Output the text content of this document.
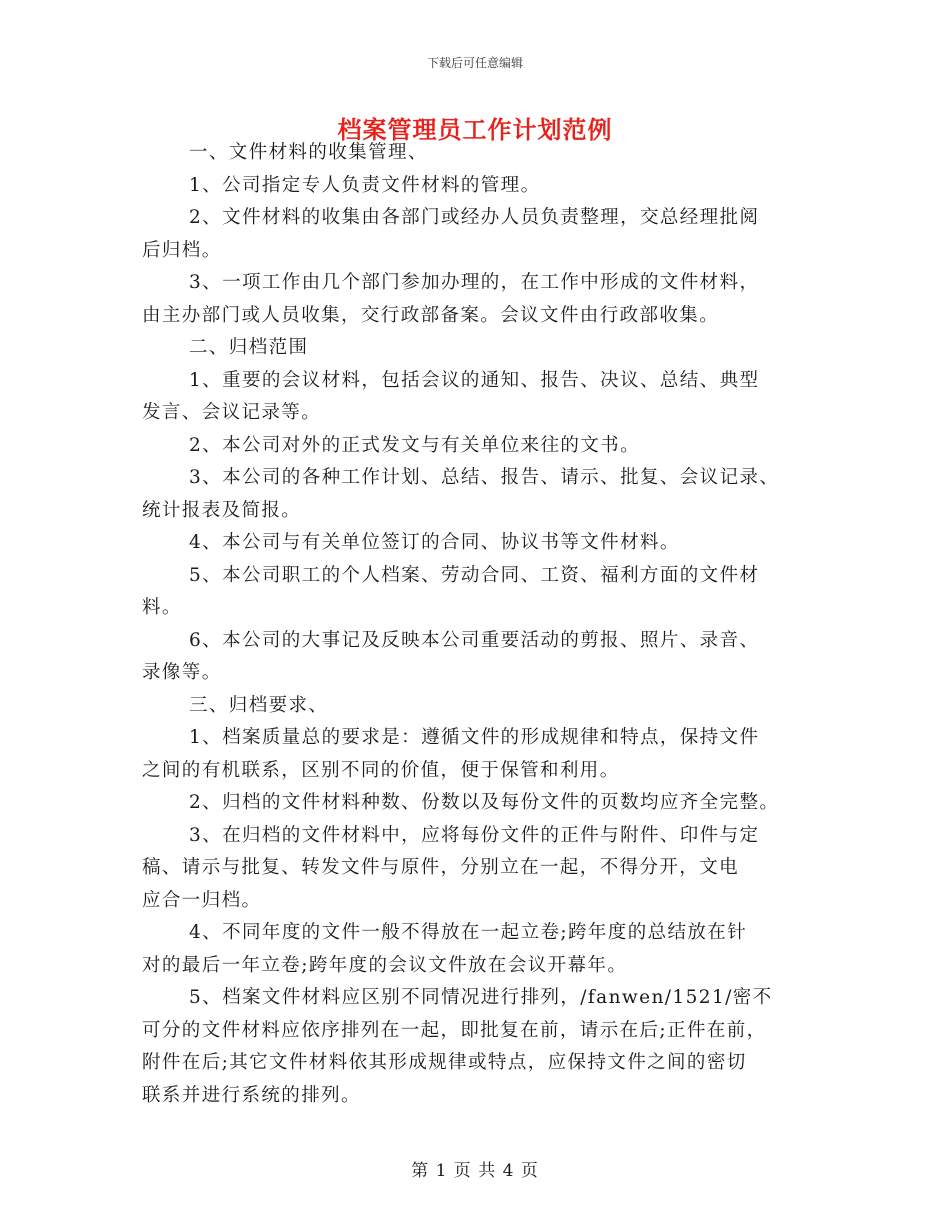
下载后可任意编辑
档案管理员工作计划范例

一、文件材料的收集管理、

1、公司指定专人负责文件材料的管理。

2、文件材料的收集由各部门或经办人员负责整理，交总经理批阅
后归档。

3、一项工作由几个部门参加办理的，在工作中形成的文件材料，
由主办部门或人员收集，交行政部备案。会议文件由行政部收集。

二、归档范围

1、重要的会议材料，包括会议的通知、报告、决议、总结、典型
发言、会议记录等。

2、本公司对外的正式发文与有关单位来往的文书。

3、本公司的各种工作计划、总结、报告、请示、批复、会议记录、
统计报表及简报。

4、本公司与有关单位签订的合同、协议书等文件材料。

5、本公司职工的个人档案、劳动合同、工资、福利方面的文件材
料。

6、本公司的大事记及反映本公司重要活动的剪报、照片、录音、
录像等。

三、归档要求、

1、档案质量总的要求是：遵循文件的形成规律和特点，保持文件
之间的有机联系，区别不同的价值，便于保管和利用。

2、归档的文件材料种数、份数以及每份文件的页数均应齐全完整。

3、在归档的文件材料中，应将每份文件的正件与附件、印件与定
稿、请示与批复、转发文件与原件，分别立在一起，不得分开，文电
应合一归档。

4、不同年度的文件一般不得放在一起立卷;跨年度的总结放在针
对的最后一年立卷;跨年度的会议文件放在会议开幕年。

5、档案文件材料应区别不同情况进行排列，/fanwen/1521/密不
可分的文件材料应依序排列在一起，即批复在前，请示在后;正件在前，
附件在后;其它文件材料依其形成规律或特点，应保持文件之间的密切
联系并进行系统的排列。

第 1 页 共 4 页
